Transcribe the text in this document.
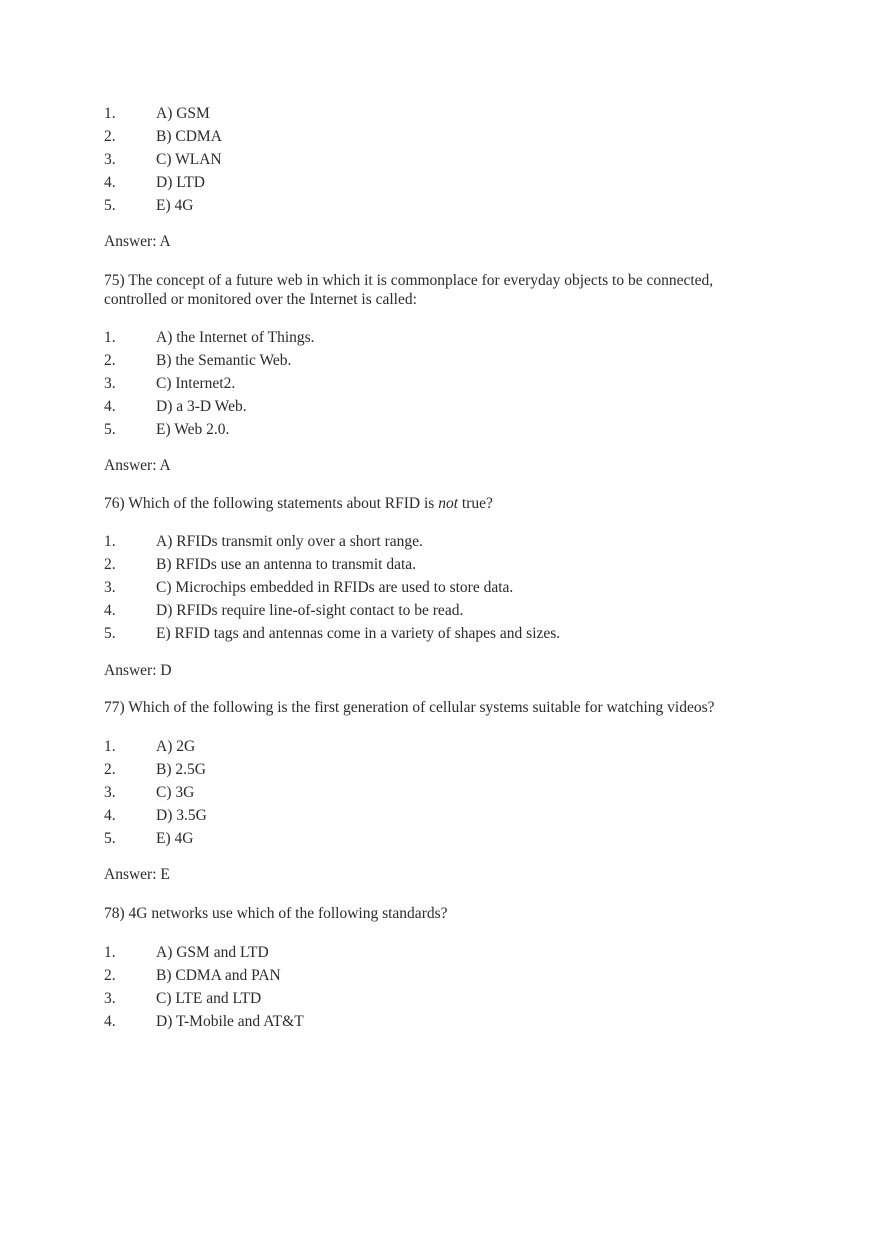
1.	A) GSM
2.	B) CDMA
3.	C) WLAN
4.	D) LTD
5.	E) 4G
Answer: A
75) The concept of a future web in which it is commonplace for everyday objects to be connected, controlled or monitored over the Internet is called:
1.	A) the Internet of Things.
2.	B) the Semantic Web.
3.	C) Internet2.
4.	D) a 3-D Web.
5.	E) Web 2.0.
Answer: A
76) Which of the following statements about RFID is not true?
1.	A) RFIDs transmit only over a short range.
2.	B) RFIDs use an antenna to transmit data.
3.	C) Microchips embedded in RFIDs are used to store data.
4.	D) RFIDs require line-of-sight contact to be read.
5.	E) RFID tags and antennas come in a variety of shapes and sizes.
Answer: D
77) Which of the following is the first generation of cellular systems suitable for watching videos?
1.	A) 2G
2.	B) 2.5G
3.	C) 3G
4.	D) 3.5G
5.	E) 4G
Answer: E
78) 4G networks use which of the following standards?
1.	A) GSM and LTD
2.	B) CDMA and PAN
3.	C) LTE and LTD
4.	D) T-Mobile and AT&T
